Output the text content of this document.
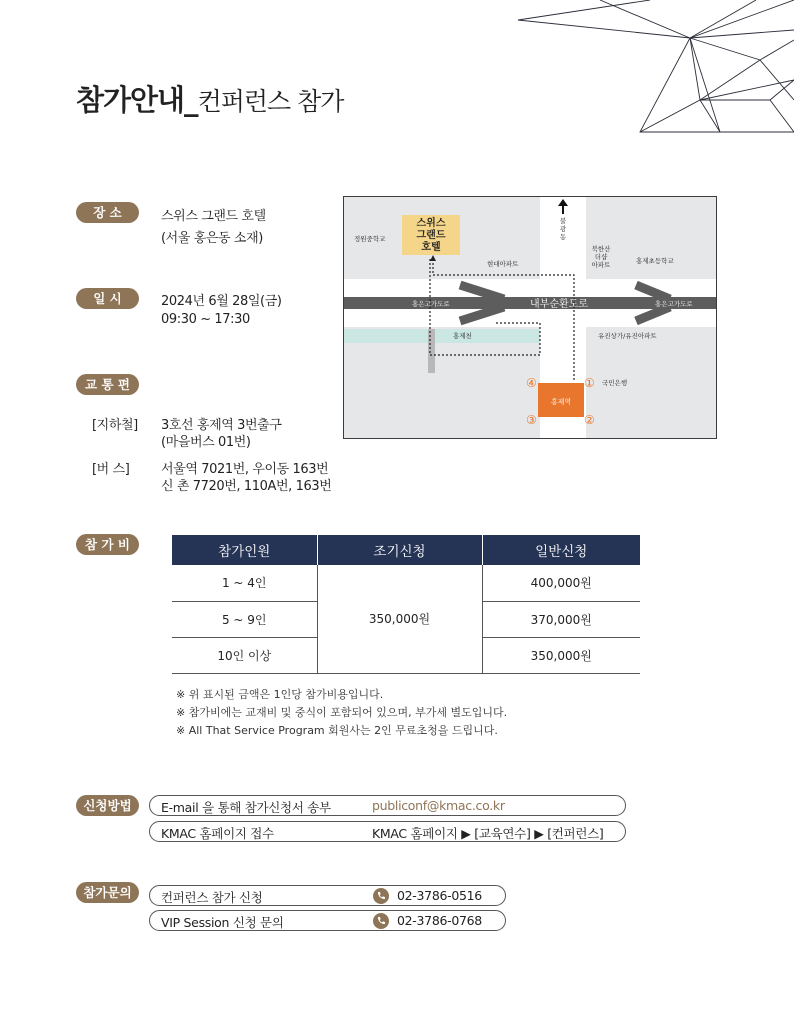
참가안내_컨퍼런스 참가
장 소	스위스 그랜드 호텔
(서울 홍은동 소재)
일 시	2024년 6월 28일(금)
09:30 ~ 17:30
교 통 편
[지하철] 3호선 홍제역 3번출구
(마을버스 01번)
[버 스] 서울역 7021번, 우이동 163번
신 촌 7720번, 110A번, 163번
스위스
그랜드
호텔
정원중학교
현대아파트
불
광
동
북한산
더샵
아파트	홍제초등학교
홍은고가도로	내부순환도로	홍은고가도로
홍제천	유진상가/유진아파트
국민은행
홍제역
①
②
③
④
참 가 비	참가인원	조기신청	일반신청
1 ~ 4인	350,000원	400,000원
5 ~ 9인		370,000원
10인 이상		350,000원
※ 위 표시된 금액은 1인당 참가비용입니다.
※ 참가비에는 교재비 및 중식이 포함되어 있으며, 부가세 별도입니다.
※ All That Service Program 회원사는 2인 무료초청을 드립니다.
신청방법	E-mail 을 통해 참가신청서 송부	publiconf@kmac.co.kr
KMAC 홈페이지 접수	KMAC 홈페이지 ▶ [교육연수] ▶ [컨퍼런스]
참가문의	컨퍼런스 참가 신청	02-3786-0516
VIP Session 신청 문의	02-3786-0768
